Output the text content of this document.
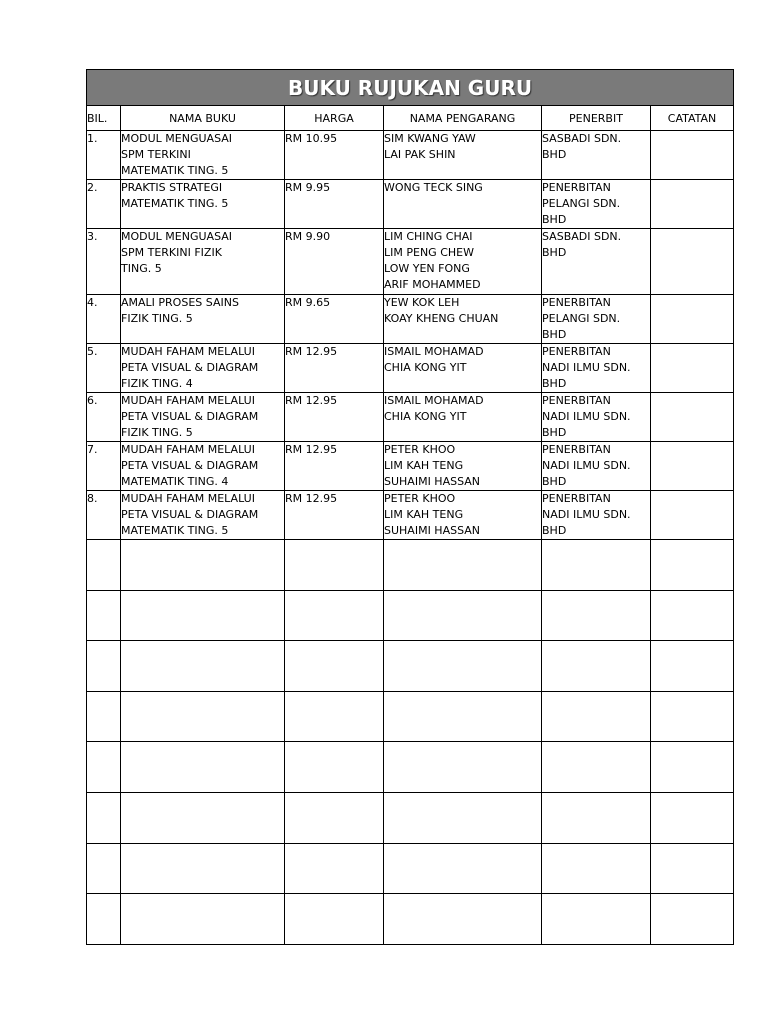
BUKU RUJUKAN GURU					
BIL.	NAMA BUKU	HARGA	NAMA PENGARANG	PENERBIT	CATATAN
1.	MODUL MENGUASAI
SPM TERKINI
MATEMATIK TING. 5	RM 10.95	SIM KWANG YAW
LAI PAK SHIN	SASBADI SDN.
BHD	

2.	PRAKTIS STRATEGI
MATEMATIK TING. 5	RM 9.95	WONG TECK SING	PENERBITAN
PELANGI SDN.
BHD	

3.	MODUL MENGUASAI
SPM TERKINI FIZIK
TING. 5	RM 9.90	LIM CHING CHAI
LIM PENG CHEW
LOW YEN FONG
ARIF MOHAMMED	SASBADI SDN.
BHD	

4.	AMALI PROSES SAINS
FIZIK TING. 5	RM 9.65	YEW KOK LEH
KOAY KHENG CHUAN	PENERBITAN
PELANGI SDN.
BHD	

5.	MUDAH FAHAM MELALUI
PETA VISUAL & DIAGRAM
FIZIK TING. 4	RM 12.95	ISMAIL MOHAMAD
CHIA KONG YIT	PENERBITAN
NADI ILMU SDN.
BHD	

6.	MUDAH FAHAM MELALUI
PETA VISUAL & DIAGRAM
FIZIK TING. 5	RM 12.95	ISMAIL MOHAMAD
CHIA KONG YIT	PENERBITAN
NADI ILMU SDN.
BHD	

7.	MUDAH FAHAM MELALUI
PETA VISUAL & DIAGRAM
MATEMATIK TING. 4	RM 12.95	PETER KHOO
LIM KAH TENG
SUHAIMI HASSAN	PENERBITAN
NADI ILMU SDN.
BHD	

8.	MUDAH FAHAM MELALUI
PETA VISUAL & DIAGRAM
MATEMATIK TING. 5	RM 12.95	PETER KHOO
LIM KAH TENG
SUHAIMI HASSAN	PENERBITAN
NADI ILMU SDN.
BHD	
